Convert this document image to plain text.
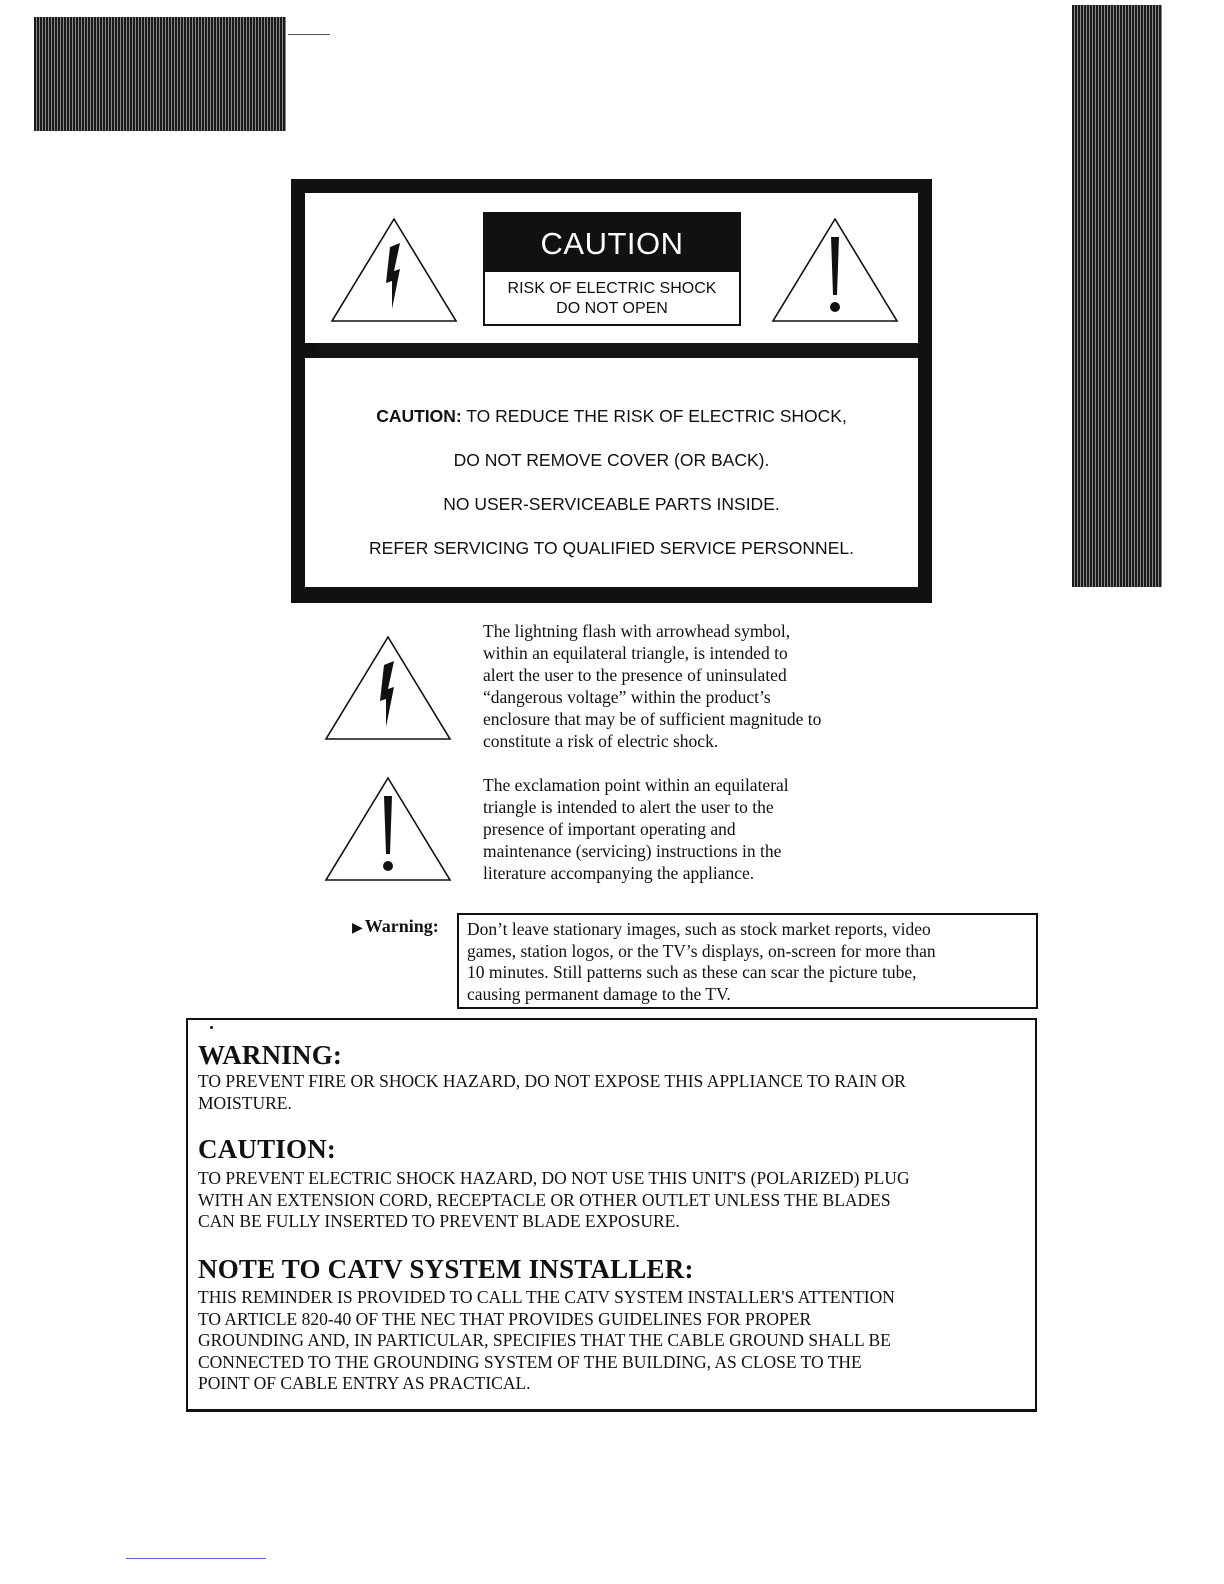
CAUTION
RISK OF ELECTRIC SHOCK
DO NOT OPEN
CAUTION: TO REDUCE THE RISK OF ELECTRIC SHOCK,
DO NOT REMOVE COVER (OR BACK).
NO USER-SERVICEABLE PARTS INSIDE.
REFER SERVICING TO QUALIFIED SERVICE PERSONNEL.
The lightning flash with arrowhead symbol,
within an equilateral triangle, is intended to
alert the user to the presence of uninsulated
“dangerous voltage” within the product’s
enclosure that may be of sufficient magnitude to
constitute a risk of electric shock.
The exclamation point within an equilateral
triangle is intended to alert the user to the
presence of important operating and
maintenance (servicing) instructions in the
literature accompanying the appliance.
▶ Warning:	Don’t leave stationary images, such as stock market reports, video
games, station logos, or the TV’s displays, on-screen for more than
10 minutes. Still patterns such as these can scar the picture tube,
causing permanent damage to the TV.
WARNING:
TO PREVENT FIRE OR SHOCK HAZARD, DO NOT EXPOSE THIS APPLIANCE TO RAIN OR
MOISTURE.
CAUTION:
TO PREVENT ELECTRIC SHOCK HAZARD, DO NOT USE THIS UNIT'S (POLARIZED) PLUG
WITH AN EXTENSION CORD, RECEPTACLE OR OTHER OUTLET UNLESS THE BLADES
CAN BE FULLY INSERTED TO PREVENT BLADE EXPOSURE.
NOTE TO CATV SYSTEM INSTALLER:
THIS REMINDER IS PROVIDED TO CALL THE CATV SYSTEM INSTALLER'S ATTENTION
TO ARTICLE 820-40 OF THE NEC THAT PROVIDES GUIDELINES FOR PROPER
GROUNDING AND, IN PARTICULAR, SPECIFIES THAT THE CABLE GROUND SHALL BE
CONNECTED TO THE GROUNDING SYSTEM OF THE BUILDING, AS CLOSE TO THE
POINT OF CABLE ENTRY AS PRACTICAL.
